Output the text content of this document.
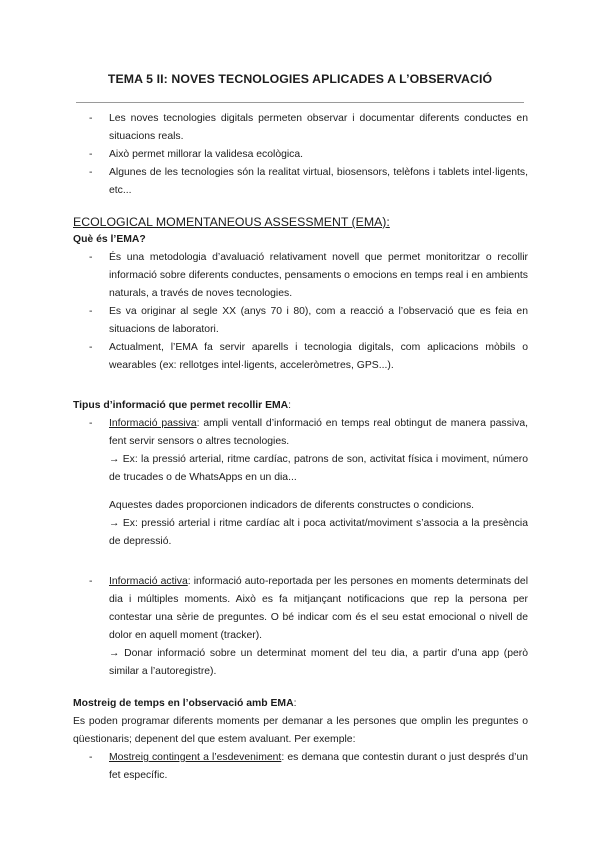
TEMA 5 II: NOVES TECNOLOGIES APLICADES A L’OBSERVACIÓ
- Les noves tecnologies digitals permeten observar i documentar diferents conductes en situacions reals.
- Això permet millorar la validesa ecològica.
- Algunes de les tecnologies són la realitat virtual, biosensors, telèfons i tablets intel·ligents, etc...
ECOLOGICAL MOMENTANEOUS ASSESSMENT (EMA):
Què és l’EMA?
- És una metodologia d’avaluació relativament novell que permet monitoritzar o recollir informació sobre diferents conductes, pensaments o emocions en temps real i en ambients naturals, a través de noves tecnologies.
- Es va originar al segle XX (anys 70 i 80), com a reacció a l’observació que es feia en situacions de laboratori.
- Actualment, l’EMA fa servir aparells i tecnologia digitals, com aplicacions mòbils o wearables (ex: rellotges intel·ligents, acceleròmetres, GPS...).
Tipus d’informació que permet recollir EMA:
- Informació passiva: ampli ventall d’informació en temps real obtingut de manera passiva, fent servir sensors o altres tecnologies.
→ Ex: la pressió arterial, ritme cardíac, patrons de son, activitat física i moviment, número de trucades o de WhatsApps en un dia...
Aquestes dades proporcionen indicadors de diferents constructes o condicions.
→ Ex: pressió arterial i ritme cardíac alt i poca activitat/moviment s’associa a la presència de depressió.
- Informació activa: informació auto-reportada per les persones en moments determinats del dia i múltiples moments. Això es fa mitjançant notificacions que rep la persona per contestar una sèrie de preguntes. O bé indicar com és el seu estat emocional o nivell de dolor en aquell moment (tracker).
→ Donar informació sobre un determinat moment del teu dia, a partir d’una app (però similar a l’autoregistre).
Mostreig de temps en l’observació amb EMA:
Es poden programar diferents moments per demanar a les persones que omplin les preguntes o qüestionaris; depenent del que estem avaluant. Per exemple:
- Mostreig contingent a l’esdeveniment: es demana que contestin durant o just després d’un fet específic.
